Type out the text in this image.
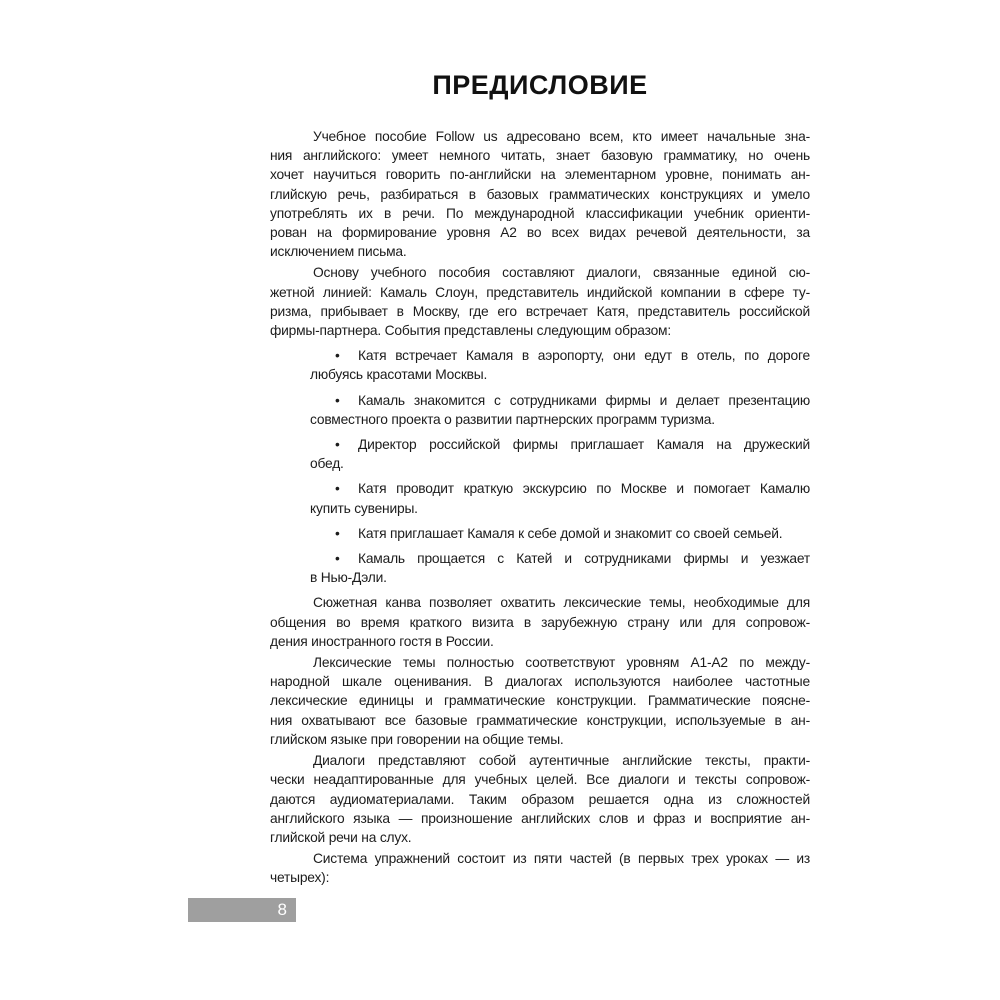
ПРЕДИСЛОВИЕ
Учебное пособие Follow us адресовано всем, кто имеет начальные зна-
ния английского: умеет немного читать, знает базовую грамматику, но очень
хочет научиться говорить по-английски на элементарном уровне, понимать ан-
глийскую речь, разбираться в базовых грамматических конструкциях и умело
употреблять их в речи. По международной классификации учебник ориенти-
рован на формирование уровня А2 во всех видах речевой деятельности, за
исключением письма.
Основу учебного пособия составляют диалоги, связанные единой сю-
жетной линией: Камаль Слоун, представитель индийской компании в сфере ту-
ризма, прибывает в Москву, где его встречает Катя, представитель российской
фирмы-партнера. События представлены следующим образом:
•	Катя встречает Камаля в аэропорту, они едут в отель, по дороге
любуясь красотами Москвы.
•	Камаль знакомится с сотрудниками фирмы и делает презентацию
совместного проекта о развитии партнерских программ туризма.
•	Директор российской фирмы приглашает Камаля на дружеский
обед.
•	Катя проводит краткую экскурсию по Москве и помогает Камалю
купить сувениры.
•	Катя приглашает Камаля к себе домой и знакомит со своей семьей.
•	Камаль прощается с Катей и сотрудниками фирмы и уезжает
в Нью-Дэли.
Сюжетная канва позволяет охватить лексические темы, необходимые для
общения во время краткого визита в зарубежную страну или для сопровож-
дения иностранного гостя в России.
Лексические темы полностью соответствуют уровням А1-А2 по между-
народной шкале оценивания. В диалогах используются наиболее частотные
лексические единицы и грамматические конструкции. Грамматические поясне-
ния охватывают все базовые грамматические конструкции, используемые в ан-
глийском языке при говорении на общие темы.
Диалоги представляют собой аутентичные английские тексты, практи-
чески неадаптированные для учебных целей. Все диалоги и тексты сопровож-
даются аудиоматериалами. Таким образом решается одна из сложностей
английского языка — произношение английских слов и фраз и восприятие ан-
глийской речи на слух.
Система упражнений состоит из пяти частей (в первых трех уроках — из
четырех):
8
